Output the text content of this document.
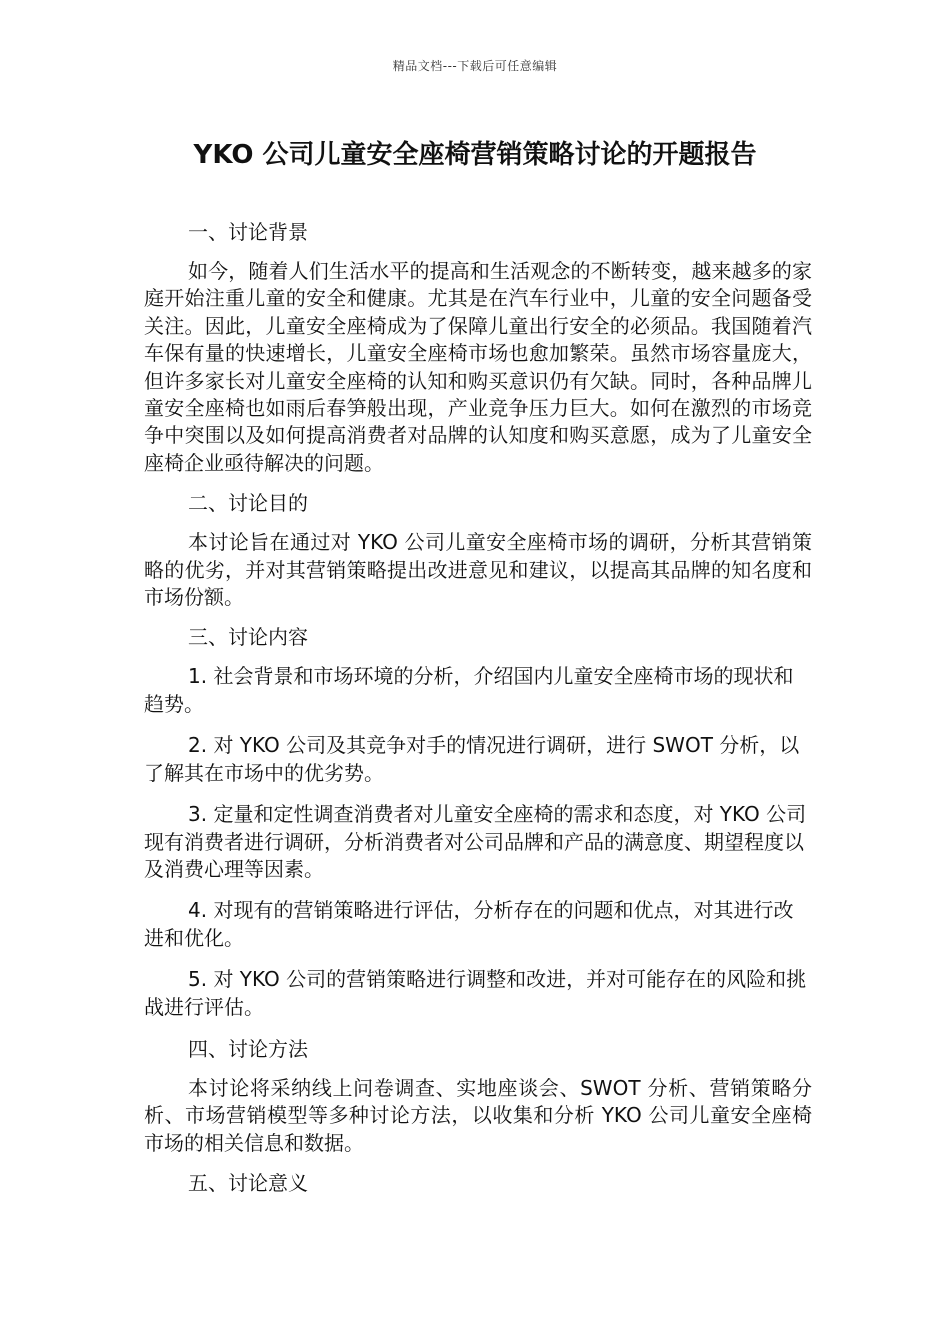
精品文档---下载后可任意编辑
YKO 公司儿童安全座椅营销策略讨论的开题报告

一、讨论背景

如今，随着人们生活水平的提高和生活观念的不断转变，越来越多的家庭开始注重儿童的安全和健康。尤其是在汽车行业中，儿童的安全问题备受关注。因此，儿童安全座椅成为了保障儿童出行安全的必须品。我国随着汽车保有量的快速增长，儿童安全座椅市场也愈加繁荣。虽然市场容量庞大，但许多家长对儿童安全座椅的认知和购买意识仍有欠缺。同时，各种品牌儿童安全座椅也如雨后春笋般出现，产业竞争压力巨大。如何在激烈的市场竞争中突围以及如何提高消费者对品牌的认知度和购买意愿，成为了儿童安全座椅企业亟待解决的问题。

二、讨论目的

本讨论旨在通过对 YKO 公司儿童安全座椅市场的调研，分析其营销策略的优劣，并对其营销策略提出改进意见和建议，以提高其品牌的知名度和市场份额。

三、讨论内容

1. 社会背景和市场环境的分析，介绍国内儿童安全座椅市场的现状和趋势。

2. 对 YKO 公司及其竞争对手的情况进行调研，进行 SWOT 分析，以了解其在市场中的优劣势。

3. 定量和定性调查消费者对儿童安全座椅的需求和态度，对 YKO 公司现有消费者进行调研，分析消费者对公司品牌和产品的满意度、期望程度以及消费心理等因素。

4. 对现有的营销策略进行评估，分析存在的问题和优点，对其进行改进和优化。

5. 对 YKO 公司的营销策略进行调整和改进，并对可能存在的风险和挑战进行评估。

四、讨论方法

本讨论将采纳线上问卷调查、实地座谈会、SWOT 分析、营销策略分析、市场营销模型等多种讨论方法，以收集和分析 YKO 公司儿童安全座椅市场的相关信息和数据。

五、讨论意义
